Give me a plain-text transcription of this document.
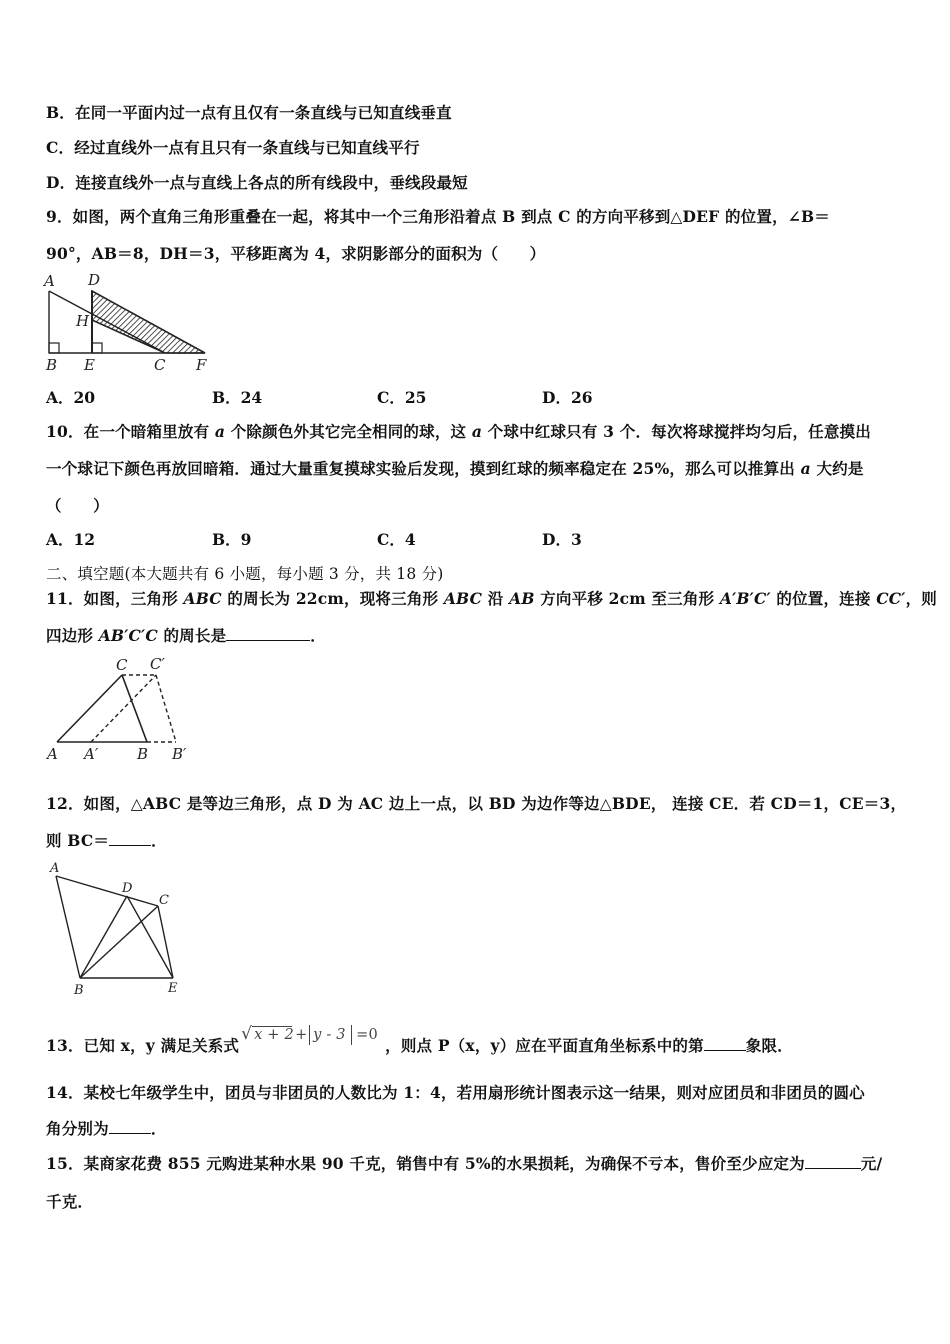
B．在同一平面内过一点有且仅有一条直线与已知直线垂直
C．经过直线外一点有且只有一条直线与已知直线平行
D．连接直线外一点与直线上各点的所有线段中，垂线段最短
9．如图，两个直角三角形重叠在一起，将其中一个三角形沿着点 B 到点 C 的方向平移到△DEF 的位置，∠B＝
90°，AB＝8，DH＝3，平移距离为 4，求阴影部分的面积为（　　）
A D
H
B E	C F
A．20	B．24	C．25	D．26
10．在一个暗箱里放有 a 个除颜色外其它完全相同的球，这 a 个球中红球只有 3 个．每次将球搅拌均匀后，任意摸出
一个球记下颜色再放回暗箱．通过大量重复摸球实验后发现，摸到红球的频率稳定在 25%，那么可以推算出 a 大约是
（　　）
A．12	B．9	C．4	D．3
二、填空题(本大题共有 6 小题，每小题 3 分，共 18 分)
11．如图，三角形 ABC 的周长为 22cm，现将三角形 ABC 沿 AB 方向平移 2cm 至三角形 A′B′C′ 的位置，连接 CC′，则
四边形 AB′C′C 的周长是	．
C C′
A A′	B B′
12．如图，△ABC 是等边三角形，点 D 为 AC 边上一点，以 BD 为边作等边△BDE， 连接 CE．若 CD＝1，CE＝3，
则 BC＝	．
A
D
C
B	E
13．已知 x，y 满足关系式
√ x + 2 + y - 3 =0
，则点 P（x，y）应在平面直角坐标系中的第	象限．
14．某校七年级学生中，团员与非团员的人数比为 1：4，若用扇形统计图表示这一结果，则对应团员和非团员的圆心
角分别为	．
15．某商家花费 855 元购进某种水果 90 千克，销售中有 5%的水果损耗，为确保不亏本，售价至少应定为	元/
千克．
